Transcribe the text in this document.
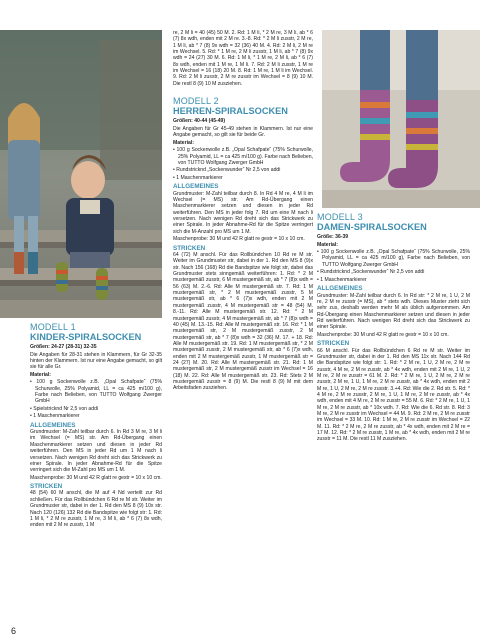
MODELL 1
KINDER-SPIRALSOCKEN

Größen: 24-27 (28-31) 32-35

Die Angaben für 28-31 stehen in Klammern, für Gr 32-35 hinten der Klammern. Ist nur eine Angabe gemacht, so gilt sie für alle Gr.

Material:

• 100 g Sockenwolle z.B. „Opal Schafpate“ (75% Schurwolle, 25% Polyamid, LL = ca 425 m/100 g), Farbe nach Belieben, von TUTTO Wolfgang Zwerger GmbH

• Spielstricknd Nr 2,5 von addi

• 1 Maschenmarkierer

ALLGEMEINES

Grundmuster: M-Zahl teilbar durch 6. In Rd 3 M re, 3 M li im Wechsel (= MS) str. Am Rd-Übergang einen Maschenmarkierer setzen und diesen in jeder Rd weiterführen. Den MS in jeder Rd um 1 M nach li versetzen. Nach wenigen Rd dreht sich das Strickwerk zu einer Spirale. In jeder Abnahme-Rd für die Spitze verringert sich die M-Zahl pro MS um 1 M.

Maschenprobe: 30 M und 42 R glatt re gestr = 10 x 10 cm.

STRICKEN

48 (54) 60 M anschl, die M auf 4 Nd verteilt zur Rd schließen. Für das Rollbündchen 6 Rd re M str. Weiter im Grundmuster str, dabei in der 1. Rd den MS 8 (9) 10x str. Nach 120 (126) 132 Rd die Bandspitze wie folgt str: 1. Rd: 1 M li, * 2 M re zusstr, 1 M re, 3 M li, ab * 6 (7) 8x wdh, enden mit 2 M re zusstr, 1 M

re, 2 M li = 40 (45) 50 M. 2. Rd: 1 M li, * 2 M re, 3 M li, ab * 6 (7) 8x wdh, enden mit 2 M re. 3.-8. Rd: * 2 M li zusstr, 2 M re, 1 M li, ab * 7 (8) 9x wdh = 32 (36) 40 M. 4. Rd: 2 M li, 2 M re im Wechsel. 5. Rd: * 1 M re, 2 M li zusstr, 1 M li, ab * 7 (8) 9x wdh = 24 (27) 30 M. 6. Rd: 1 M li, * 1 M re, 2 M li, ab * 6 (7) 8x wdh, enden mit 1 M re, 1 M li. 7. Rd: 2 M li zusstr, 1 M re im Wechsel = 16 (18) 20 M. 8. Rd: 1 M re, 1 M li im Wechsel. 9. Rd: 2 M li zusstr, 2 M re zusstr im Wechsel = 8 (9) 10 M. Die restl 8 (9) 10 M zusziehen.

MODELL 2
HERREN-SPIRALSOCKEN

Größen: 40-44 (45-49)

Die Angaben für Gr 45-49 stehen in Klammern. Ist nur eine Angabe gemacht, so gilt sie für beide Gr.

Material:

• 100 g Sockenwolle z.B. „Opal Schafpate“ (75% Schurwolle, 25% Polyamid, LL = ca 425 m/100 g). Farbe nach Belieben, von TUTTO Wolfgang Zwerger GmbH

• Rundstricknd „Sockenwunder“ Nr 2,5 von addi

• 1 Maschenmarkierer

ALLGEMEINES

Grundmuster: M-Zahl teilbar durch 8. In Rd 4 M re, 4 M li im Wechsel (= MS) str. Am Rd-Übergang einen Maschenmarkierer setzen und diesen in jeder Rd weiterführen. Den MS in jeder folg 7. Rd um eine M nach li versetzen. Nach wenigen Rd dreht sich das Strickwerk zu einer Spirale. In jeder Abnahme-Rd für die Spitze verringert sich die M-Anzahl pro MS um 1 M.

Maschenprobe: 30 M und 42 R glatt re gestr = 10 x 10 cm.

STRICKEN

64 (72) M anschl. Für das Rollbündchen 10 Rd re M str. Weiter im Grundmuster str, dabei in der 1. Rd den MS 8 (9)x str. Nach 156 (168) Rd die Bandspitze wie folgt str, dabei das Grundmuster stets sinngemäß weiterführen: 1. Rd: * 2 M mustergemäß zusstr, 6 M mustergemäß str, ab * 7 (8)x wdh = 56 (63) M. 2.-6. Rd: Alle M mustergemäß str. 7. Rd: 1 M mustergemäß str, * 2 M mustergemäß zusstr, 5 M mustergemäß str, ab * 6 (7)x wdh, enden mit 2 M mustergemäß zusstr, 4 M mustergemäß str = 48 (54) M. 8.-11. Rd: Alle M mustergemäß str. 12. Rd: * 2 M mustergemäß zusstr, 4 M mustergemäß str, ab * 7 (8)x wdh = 40 (45) M. 13.-15. Rd: Alle M mustergemäß str. 16. Rd: * 1 M mustergemäß str, 2 M mustergemäß zusstr, 2 M mustergemäß str, ab * 7 (8)x wdh = 32 (36) M. 17. + 18. Rd: Alle M mustergemäß str. 19. Rd: 1 M mustergemäß str, * 2 M mustergemäß zusstr, 2 M mustergemäß str, ab * 6 (7)x wdh, enden mit 2 M mustergemäß zusstr, 1 M mustergemäß str = 24 (27) M. 20. Rd: Alle M mustergemäß str. 21. Rd: 1 M mustergemäß str, 2 M mustergemäß zusstr im Wechsel = 16 (18) M. 22. Rd: Alle M mustergemäß str. 23. Rd: Stets 2 M mustergemäß zusstr = 8 (9) M. Die restl 8 (9) M mit dem Arbeitsfaden zusziehen.

MODELL 3
DAMEN-SPIRALSOCKEN

Größe: 36-39

Material:

• 100 g Sockenwolle z.B. „Opal Schafpate“ (75% Schurwolle, 25% Polyamid, LL = ca 425 m/100 g), Farbe nach Belieben, von TUTTO Wolfgang Zwerger GmbH

• Rundstricknd „Sockenwunder“ Nr 2,5 von addi

• 1 Maschenmarkierer

ALLGEMEINES

Grundmuster: M-Zahl teilbar durch 6. In Rd str: * 2 M re, 1 U, 2 M re, 2 M re zusstr (= MS), ab * stets wdh. Dieses Muster zieht sich sehr zus, deshalb werden mehr M als üblich aufgenommen. Am Rd-Übergang einen Maschenmarkierer setzen und diesen in jeder Rd weiterführen. Nach wenigen Rd dreht sich das Strickwerk zu einer Spirale.

Maschenprobe: 30 M und 42 R glatt re gestr = 10 x 10 cm.

STRICKEN

66 M anschl. Für das Rollbündchen 6 Rd re M str. Weiter im Grundmuster str, dabei in der 1. Rd den MS 11x str. Nach 144 Rd die Bandspitze wie folgt str: 1. Rd: * 2 M re, 1 U, 2 M re, 2 M re zusstr, 4 M re, 2 M re zusstr, ab * 4x wdh, enden mit 2 M re, 1 U, 2 M re, 2 M re zusstr = 61 M. 2. Rd: * 2 M re, 1 U, 2 M re, 2 M re zusstr, 2 M re, 1 U, 1 M re, 2 M re zusstr, ab * 4x wdh, enden mit 2 M re, 1 U, 2 M re, 2 M re zusstr. 3.+4. Rd: Wie die 2. Rd str. 5. Rd: * 4 M re, 2 M re zusstr, 2 M re, 1 U, 1 M re, 2 M re zusstr, ab * 4x wdh, enden mit 4 M re, 2 M re zusstr = 55 M. 6. Rd: * 2 M re, 1 U, 1 M re, 2 M re zusstr, ab * 10x wdh. 7. Rd: Wie die 6. Rd str. 8. Rd: 3 M re, 2 M re zusstr im Wechsel = 44 M. 9. Rd: 2 M re, 2 M re zusstr im Wechsel = 33 M. 10. Rd: 1 M re, 2 M re zusstr im Wechsel = 22 M. 11. Rd: * 2 M re, 2 M re zusstr, ab * 4x wdh, enden mit 2 M re = 17 M. 12. Rd: * 2 M re zusstr, 1 M re, ab * 4x wdh, enden mit 2 M re zusstr = 11 M. Die restl 11 M zusziehen.

6
